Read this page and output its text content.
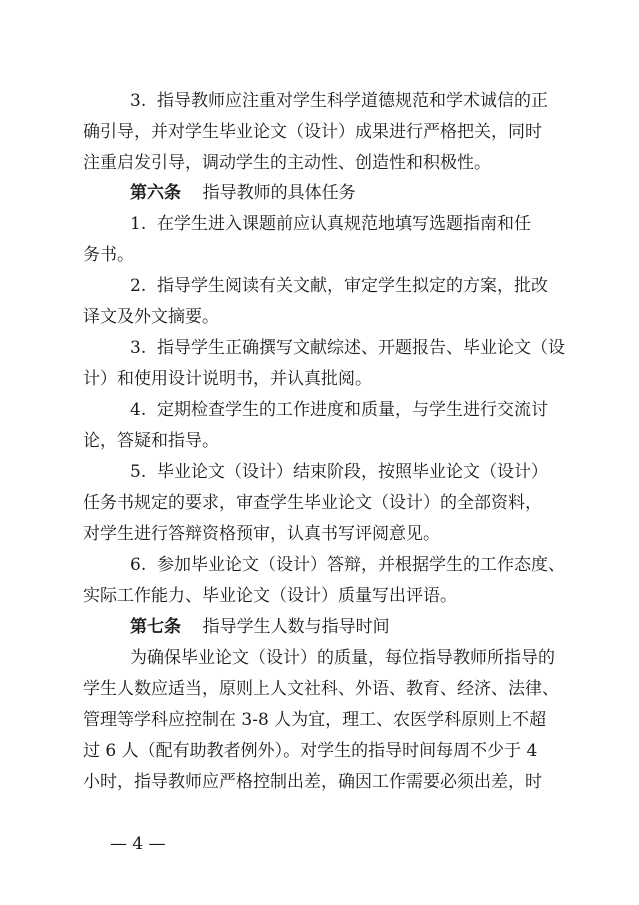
3.  指导教师应注重对学生科学道德规范和学术诚信的正
确引导，并对学生毕业论文（设计）成果进行严格把关，同时
注重启发引导，调动学生的主动性、创造性和积极性。
第六条 指导教师的具体任务
1.  在学生进入课题前应认真规范地填写选题指南和任
务书。
2.  指导学生阅读有关文献，审定学生拟定的方案，批改
译文及外文摘要。
3.  指导学生正确撰写文献综述、开题报告、毕业论文（设
计）和使用设计说明书，并认真批阅。
4.  定期检查学生的工作进度和质量，与学生进行交流讨
论，答疑和指导。
5.  毕业论文（设计）结束阶段，按照毕业论文（设计）
任务书规定的要求，审查学生毕业论文（设计）的全部资料，
对学生进行答辩资格预审，认真书写评阅意见。
6.  参加毕业论文（设计）答辩，并根据学生的工作态度、
实际工作能力、毕业论文（设计）质量写出评语。
第七条 指导学生人数与指导时间
为确保毕业论文（设计）的质量，每位指导教师所指导的
学生人数应适当，原则上人文社科、外语、教育、经济、法律、
管理等学科应控制在 3-8 人为宜，理工、农医学科原则上不超
过 6 人（配有助教者例外）。对学生的指导时间每周不少于 4
小时，指导教师应严格控制出差，确因工作需要必须出差，时
— 4 —
